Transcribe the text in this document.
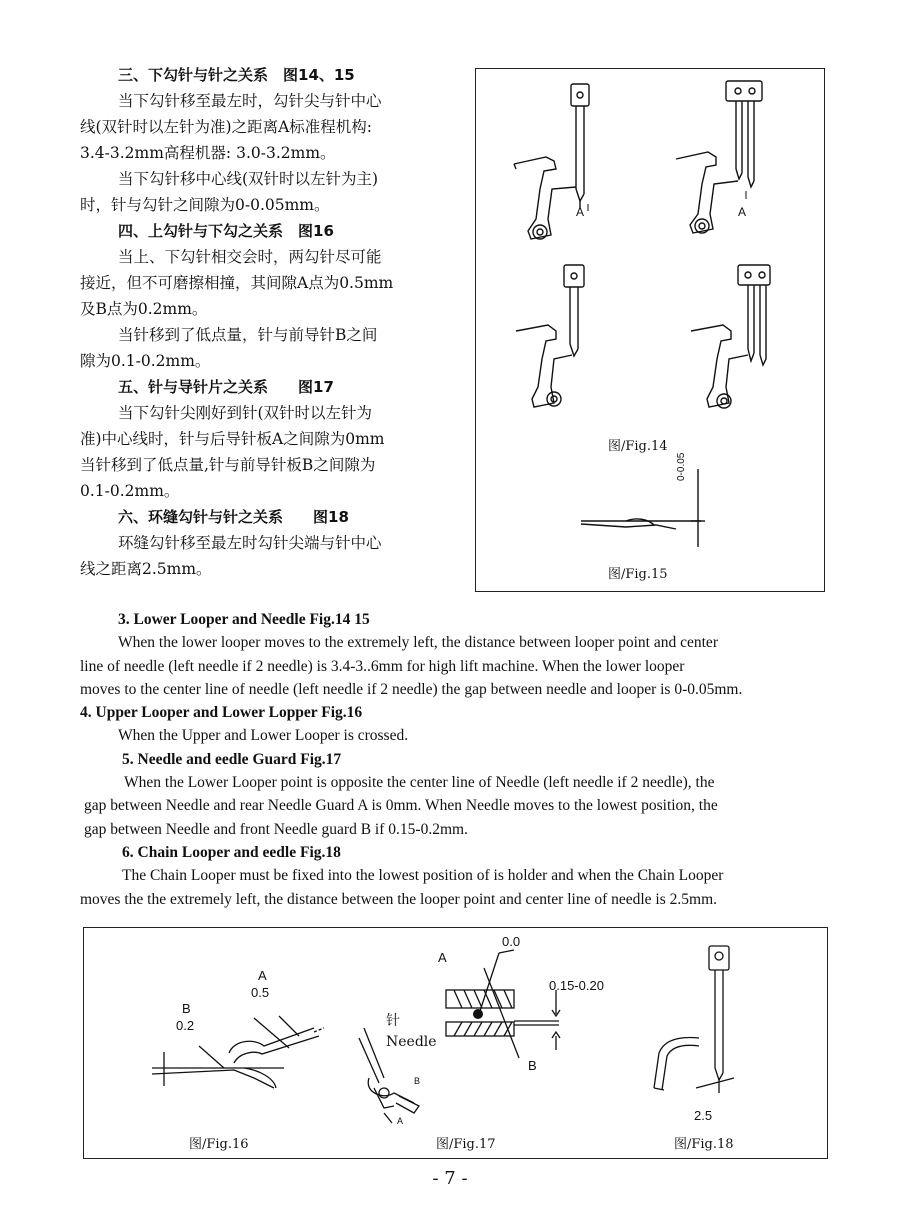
三、下勾针与针之关系　图14、15
当下勾针移至最左时，勾针尖与针中心
线(双针时以左针为准)之距离A标准程机构:
3.4-3.2mm高程机器: 3.0-3.2mm。
当下勾针移中心线(双针时以左针为主)
时，针与勾针之间隙为0-0.05mm。
四、上勾针与下勾之关系　图16
当上、下勾针相交会时，两勾针尽可能
接近，但不可磨擦相撞，其间隙A点为0.5mm
及B点为0.2mm。
当针移到了低点量，针与前导针B之间
隙为0.1-0.2mm。
五、针与导针片之关系　　图17
当下勾针尖刚好到针(双针时以左针为
准)中心线时，针与后导针板A之间隙为0mm
当针移到了低点量,针与前导针板B之间隙为
0.1-0.2mm。
六、环缝勾针与针之关系　　图18
环缝勾针移至最左时勾针尖端与针中心
线之距离2.5mm。
A	A
图/Fig.14
0-0.05
图/Fig.15
3. Lower Looper and Needle Fig.14 15
When the lower looper moves to the extremely left, the distance between looper point and center
line of needle (left needle if 2 needle) is 3.4-3..6mm for high lift machine. When the lower looper
moves to the center line of needle (left needle if 2 needle) the gap between needle and looper is 0-0.05mm.
4. Upper Looper and Lower Lopper Fig.16
When the Upper and Lower Looper is crossed.
5. Needle and eedle Guard Fig.17
When the Lower Looper point is opposite the center line of Needle (left needle if 2 needle), the
gap between Needle and rear Needle Guard A is 0mm. When Needle moves to the lowest position, the
gap between Needle and front Needle guard B if 0.15-0.2mm.
6. Chain Looper and eedle Fig.18
The Chain Looper must be fixed into the lowest position of is holder and when the Chain Looper
moves the the extremely left, the distance between the looper point and center line of needle is 2.5mm.
A
0.5
B
0.2
图/Fig.16
针
Needle
B
A
0.0
A
0.15-0.20
B
图/Fig.17
2.5
图/Fig.18
- 7 -
